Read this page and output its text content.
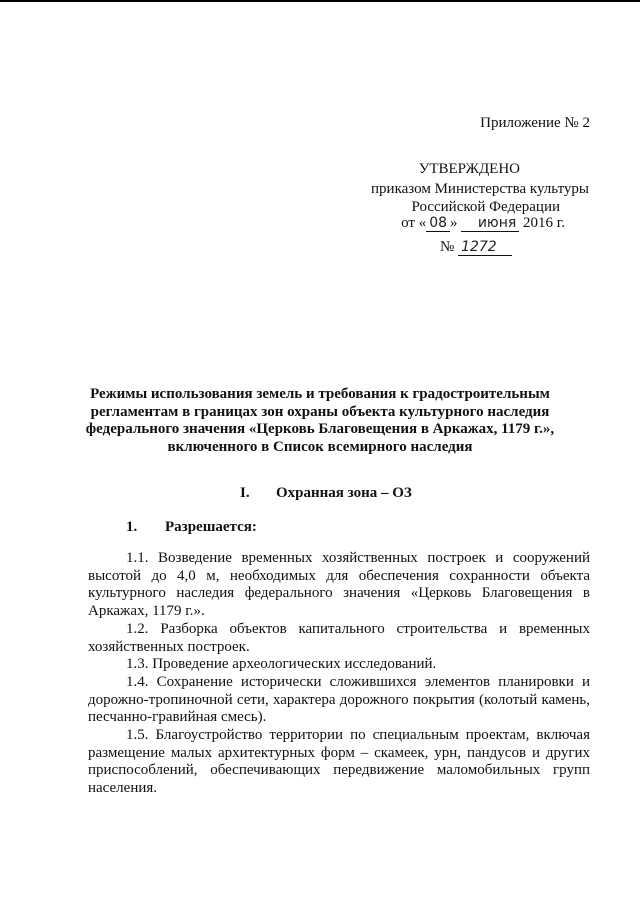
Приложение № 2
УТВЕРЖДЕНО
приказом Министерства культуры
Российской Федерации
от « 08 » июня 2016 г.
№ 1272
Режимы использования земель и требования к градостроительным регламентам в границах зон охраны объекта культурного наследия федерального значения «Церковь Благовещения в Аркажах, 1179 г.», включенного в Список всемирного наследия
I. Охранная зона – ОЗ
1. Разрешается:

1.1. Возведение временных хозяйственных построек и сооружений высотой до 4,0 м, необходимых для обеспечения сохранности объекта культурного наследия федерального значения «Церковь Благовещения в Аркажах, 1179 г.».

1.2. Разборка объектов капитального строительства и временных хозяйственных построек.

1.3. Проведение археологических исследований.

1.4. Сохранение исторически сложившихся элементов планировки и дорожно-тропиночной сети, характера дорожного покрытия (колотый камень, песчанно-гравийная смесь).

1.5. Благоустройство территории по специальным проектам, включая размещение малых архитектурных форм – скамеек, урн, пандусов и других приспособлений, обеспечивающих передвижение маломобильных групп населения.
